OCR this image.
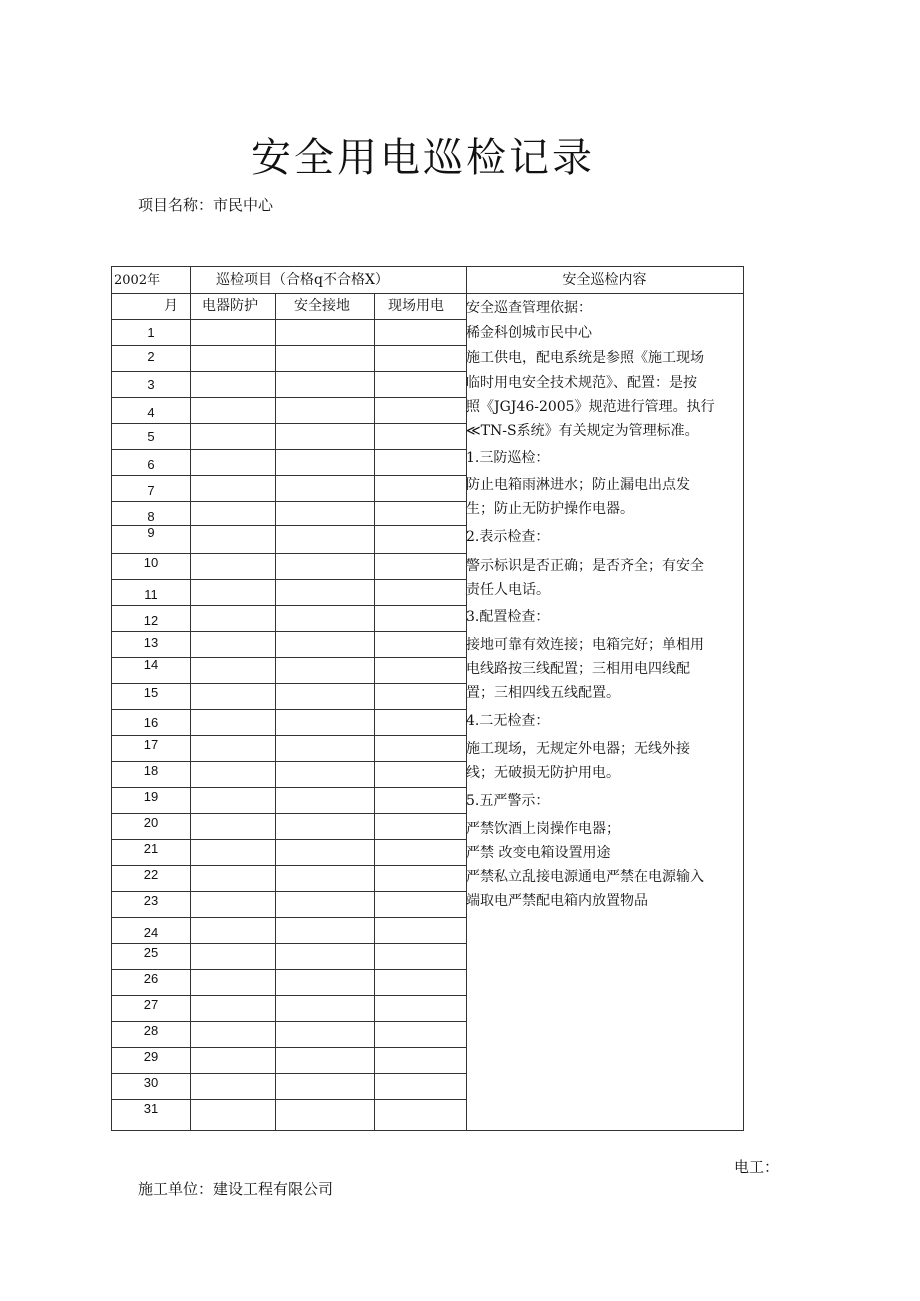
安全用电巡检记录
项目名称：市民中心
2002年	巡检项目（合格q不合格X）	安全巡检内容
月 电器防护	安全接地	现场用电
1
2
3
4
5
6
7
8
9
10
11
12
13
14
15
16
17
18
19
20
21
22
23
24
25
26
27
28
29
30
31
安全巡查管理依据：
稀金科创城市民中心
施工供电，配电系统是参照《施工现场
临时用电安全技术规范》、配置：是按
照《JGJ46-2005》规范进行管理。执行
≪TN-S系统》有关规定为管理标准。
1.三防巡检：
防止电箱雨淋进水；防止漏电出点发
生；防止无防护操作电器。
2.表示检查：
警示标识是否正确；是否齐全；有安全
责任人电话。
3.配置检查：
接地可靠有效连接；电箱完好；单相用
电线路按三线配置；三相用电四线配
置；三相四线五线配置。
4.二无检查：
施工现场，无规定外电器；无线外接
线；无破损无防护用电。
5.五严警示：
严禁饮酒上岗操作电器；
严禁 改变电箱设置用途
严禁私立乱接电源通电严禁在电源输入
端取电严禁配电箱内放置物品
电工：
施工单位：建设工程有限公司
